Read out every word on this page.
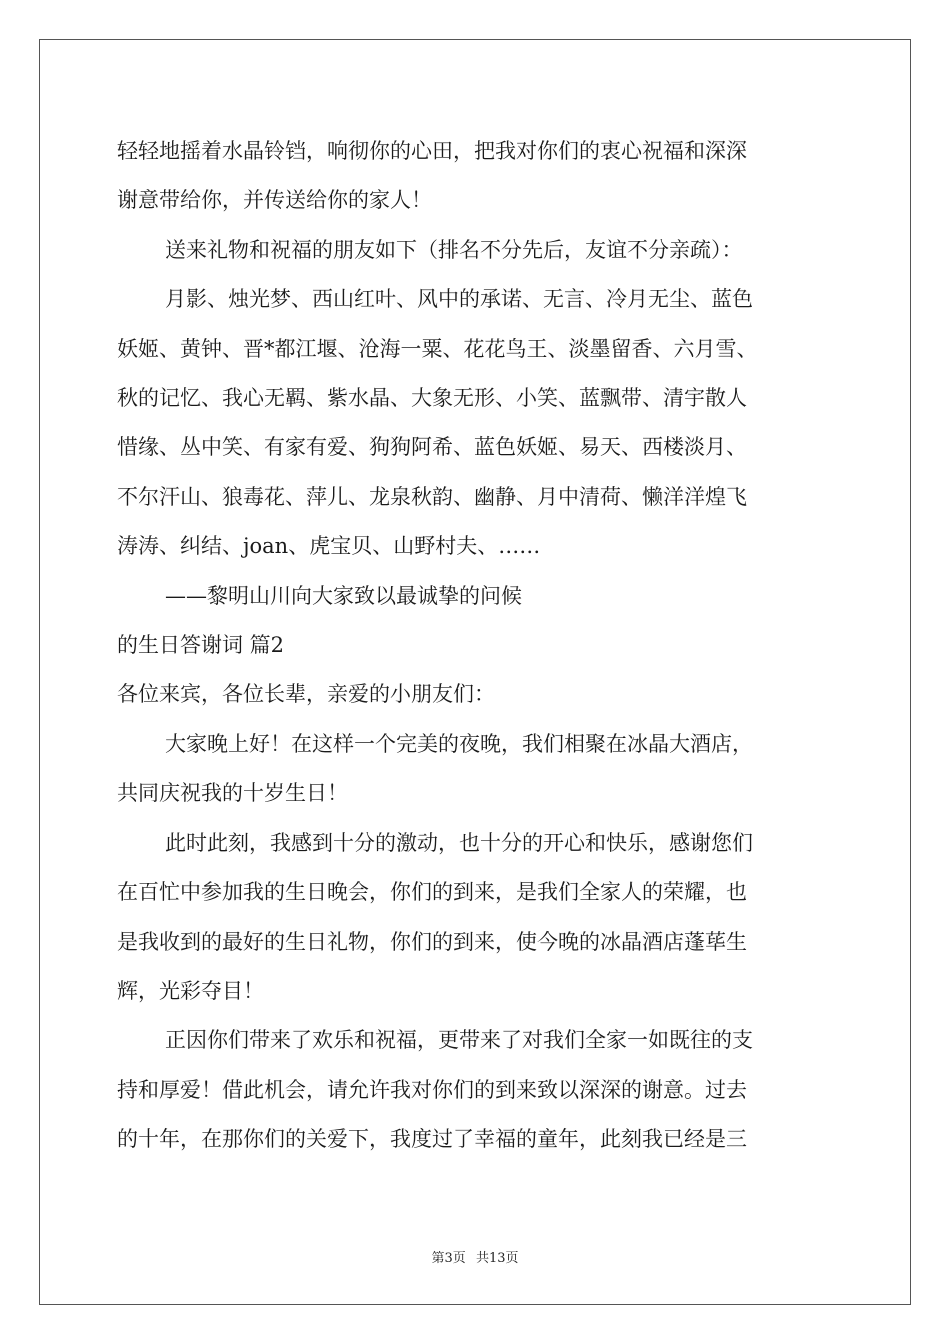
轻轻地摇着水晶铃铛，响彻你的心田，把我对你们的衷心祝福和深深

谢意带给你，并传送给你的家人！

送来礼物和祝福的朋友如下（排名不分先后，友谊不分亲疏）：

月影、烛光梦、西山红叶、风中的承诺、无言、冷月无尘、蓝色

妖姬、黄钟、晋*都江堰、沧海一粟、花花鸟王、淡墨留香、六月雪、

秋的记忆、我心无羁、紫水晶、大象无形、小笑、蓝飘带、清宇散人

惜缘、丛中笑、有家有爱、狗狗阿希、蓝色妖姬、易天、西楼淡月、

不尔汗山、狼毒花、萍儿、龙泉秋韵、幽静、月中清荷、懒洋洋煌飞

涛涛、纠结、joan、虎宝贝、山野村夫、……

——黎明山川向大家致以最诚挚的问候

的生日答谢词 篇2

各位来宾，各位长辈，亲爱的小朋友们：

大家晚上好！在这样一个完美的夜晚，我们相聚在冰晶大酒店，

共同庆祝我的十岁生日！

此时此刻，我感到十分的激动，也十分的开心和快乐，感谢您们

在百忙中参加我的生日晚会，你们的到来，是我们全家人的荣耀，也

是我收到的最好的生日礼物，你们的到来，使今晚的冰晶酒店蓬荜生

辉，光彩夺目！

正因你们带来了欢乐和祝福，更带来了对我们全家一如既往的支

持和厚爱！借此机会，请允许我对你们的到来致以深深的谢意。过去

的十年，在那你们的关爱下，我度过了幸福的童年，此刻我已经是三

第3页 共13页
